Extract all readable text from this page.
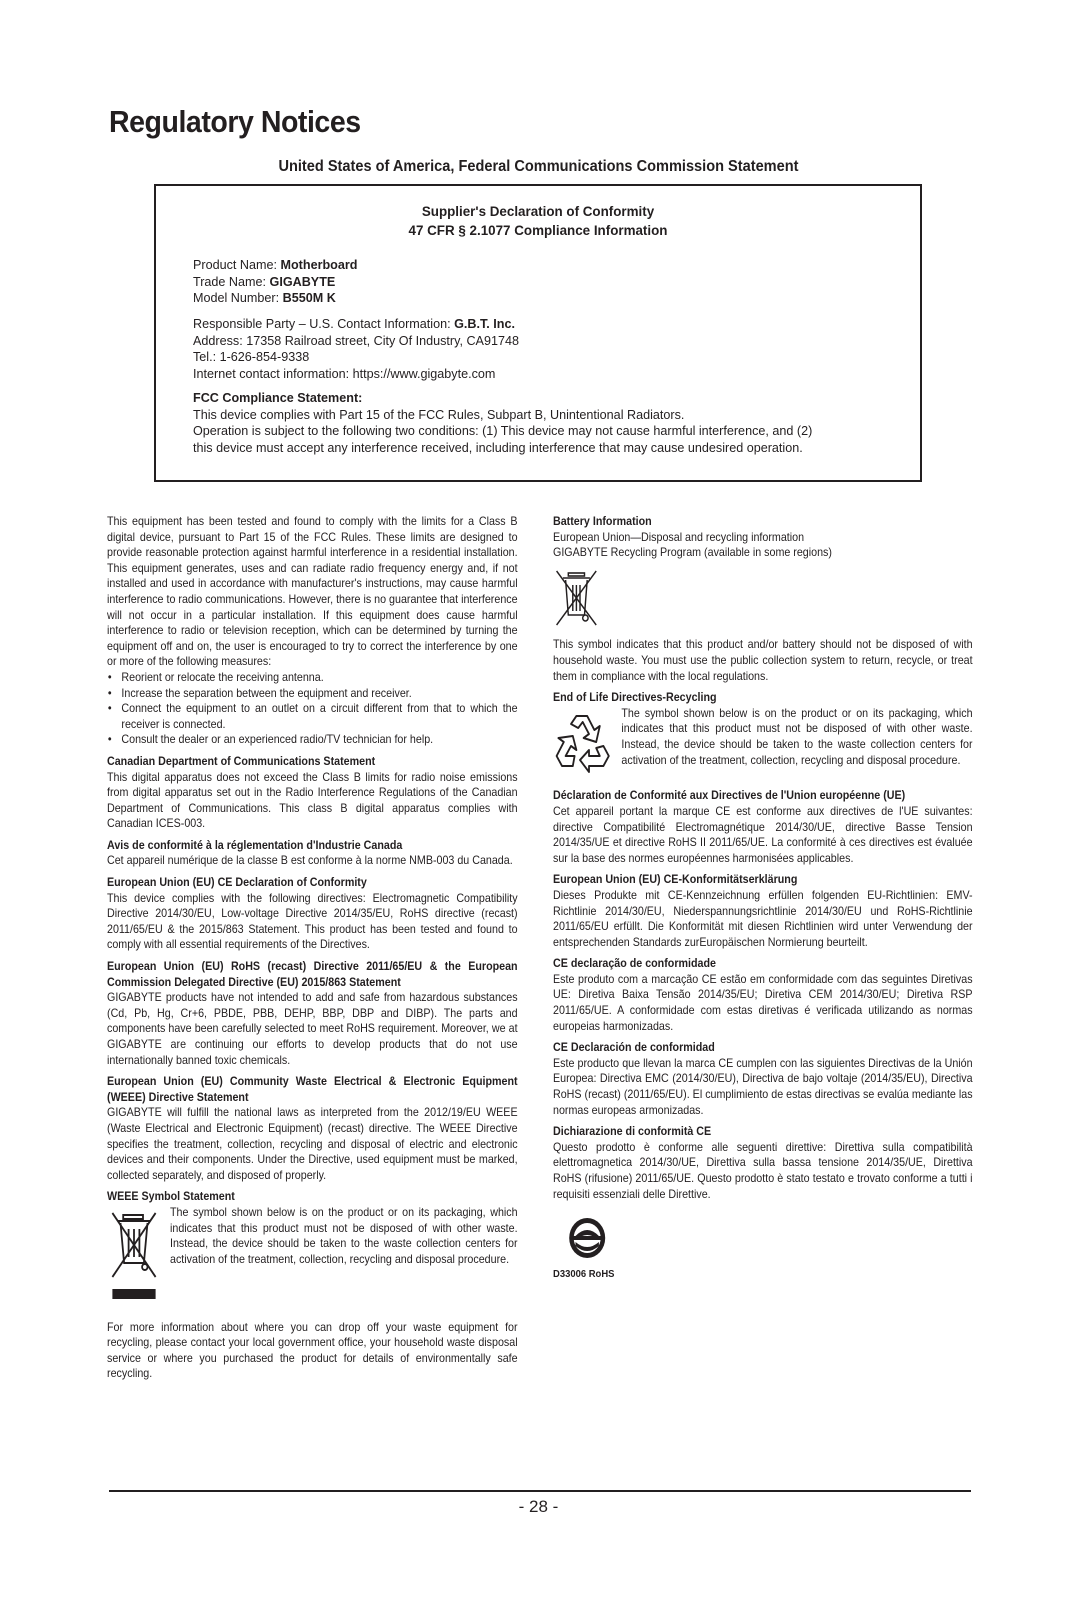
Regulatory Notices
United States of America, Federal Communications Commission Statement
Supplier's Declaration of Conformity
47 CFR § 2.1077 Compliance Information
Product Name: Motherboard
Trade Name: GIGABYTE
Model Number: B550M K
Responsible Party – U.S. Contact Information: G.B.T. Inc.
Address: 17358 Railroad street, City Of Industry, CA91748
Tel.: 1-626-854-9338
Internet contact information: https://www.gigabyte.com
FCC Compliance Statement:
This device complies with Part 15 of the FCC Rules, Subpart B, Unintentional Radiators.
Operation is subject to the following two conditions: (1) This device may not cause harmful interference, and (2)
this device must accept any interference received, including interference that may cause undesired operation.

This equipment has been tested and found to comply with the limits for a Class B digital device, pursuant to Part 15 of the FCC Rules. These limits are designed to provide reasonable protection against harmful interference in a residential installation. This equipment generates, uses and can radiate radio frequency energy and, if not installed and used in accordance with manufacturer's instructions, may cause harmful interference to radio communications. However, there is no guarantee that interference will not occur in a particular installation. If this equipment does cause harmful interference to radio or television reception, which can be determined by turning the equipment off and on, the user is encouraged to try to correct the interference by one or more of the following measures:

• Reorient or relocate the receiving antenna.
• Increase the separation between the equipment and receiver.
• Connect the equipment to an outlet on a circuit different from that to which the receiver is connected.
• Consult the dealer or an experienced radio/TV technician for help.
Canadian Department of Communications Statement

This digital apparatus does not exceed the Class B limits for radio noise emissions from digital apparatus set out in the Radio Interference Regulations of the Canadian Department of Communications. This class B digital apparatus complies with Canadian ICES-003.

Avis de conformité à la réglementation d'Industrie Canada

Cet appareil numérique de la classe B est conforme à la norme NMB-003 du Canada.

European Union (EU) CE Declaration of Conformity

This device complies with the following directives: Electromagnetic Compatibility Directive 2014/30/EU, Low-voltage Directive 2014/35/EU, RoHS directive (recast) 2011/65/EU & the 2015/863 Statement. This product has been tested and found to comply with all essential requirements of the Directives.

European Union (EU) RoHS (recast) Directive 2011/65/EU & the European Commission Delegated Directive (EU) 2015/863 Statement

GIGABYTE products have not intended to add and safe from hazardous substances (Cd, Pb, Hg, Cr+6, PBDE, PBB, DEHP, BBP, DBP and DIBP). The parts and components have been carefully selected to meet RoHS requirement. Moreover, we at GIGABYTE are continuing our efforts to develop products that do not use internationally banned toxic chemicals.

European Union (EU) Community Waste Electrical & Electronic Equipment (WEEE) Directive Statement

GIGABYTE will fulfill the national laws as interpreted from the 2012/19/EU WEEE (Waste Electrical and Electronic Equipment) (recast) directive. The WEEE Directive specifies the treatment, collection, recycling and disposal of electric and electronic devices and their components. Under the Directive, used equipment must be marked, collected separately, and disposed of properly.

WEEE Symbol Statement

The symbol shown below is on the product or on its packaging, which indicates that this product must not be disposed of with other waste. Instead, the device should be taken to the waste collection centers for activation of the treatment, collection, recycling and disposal procedure.

For more information about where you can drop off your waste equipment for recycling, please contact your local government office, your household waste disposal service or where you purchased the product for details of environmentally safe recycling.

Battery Information

European Union—Disposal and recycling information

GIGABYTE Recycling Program (available in some regions)

This symbol indicates that this product and/or battery should not be disposed of with household waste. You must use the public collection system to return, recycle, or treat them in compliance with the local regulations.

End of Life Directives-Recycling

The symbol shown below is on the product or on its packaging, which indicates that this product must not be disposed of with other waste. Instead, the device should be taken to the waste collection centers for activation of the treatment, collection, recycling and disposal procedure.

Déclaration de Conformité aux Directives de l'Union européenne (UE)

Cet appareil portant la marque CE est conforme aux directives de l'UE suivantes: directive Compatibilité Electromagnétique 2014/30/UE, directive Basse Tension 2014/35/UE et directive RoHS II 2011/65/UE. La conformité à ces directives est évaluée sur la base des normes européennes harmonisées applicables.

European Union (EU) CE-Konformitätserklärung

Dieses Produkte mit CE-Kennzeichnung erfüllen folgenden EU-Richtlinien: EMV-Richtlinie 2014/30/EU, Niederspannungsrichtlinie 2014/30/EU und RoHS-Richtlinie 2011/65/EU erfüllt. Die Konformität mit diesen Richtlinien wird unter Verwendung der entsprechenden Standards zurEuropäischen Normierung beurteilt.

CE declaração de conformidade

Este produto com a marcação CE estão em conformidade com das seguintes Diretivas UE: Diretiva Baixa Tensão 2014/35/EU; Diretiva CEM 2014/30/EU; Diretiva RSP 2011/65/UE. A conformidade com estas diretivas é verificada utilizando as normas europeias harmonizadas.

CE Declaración de conformidad

Este producto que llevan la marca CE cumplen con las siguientes Directivas de la Unión Europea: Directiva EMC (2014/30/EU), Directiva de bajo voltaje (2014/35/EU), Directiva RoHS (recast) (2011/65/EU). El cumplimiento de estas directivas se evalúa mediante las normas europeas armonizadas.

Dichiarazione di conformità CE

Questo prodotto è conforme alle seguenti direttive: Direttiva sulla compatibilità elettromagnetica 2014/30/UE, Direttiva sulla bassa tensione 2014/35/UE, Direttiva RoHS (rifusione) 2011/65/UE. Questo prodotto è stato testato e trovato conforme a tutti i requisiti essenziali delle Direttive.

D33006 RoHS
- 28 -
